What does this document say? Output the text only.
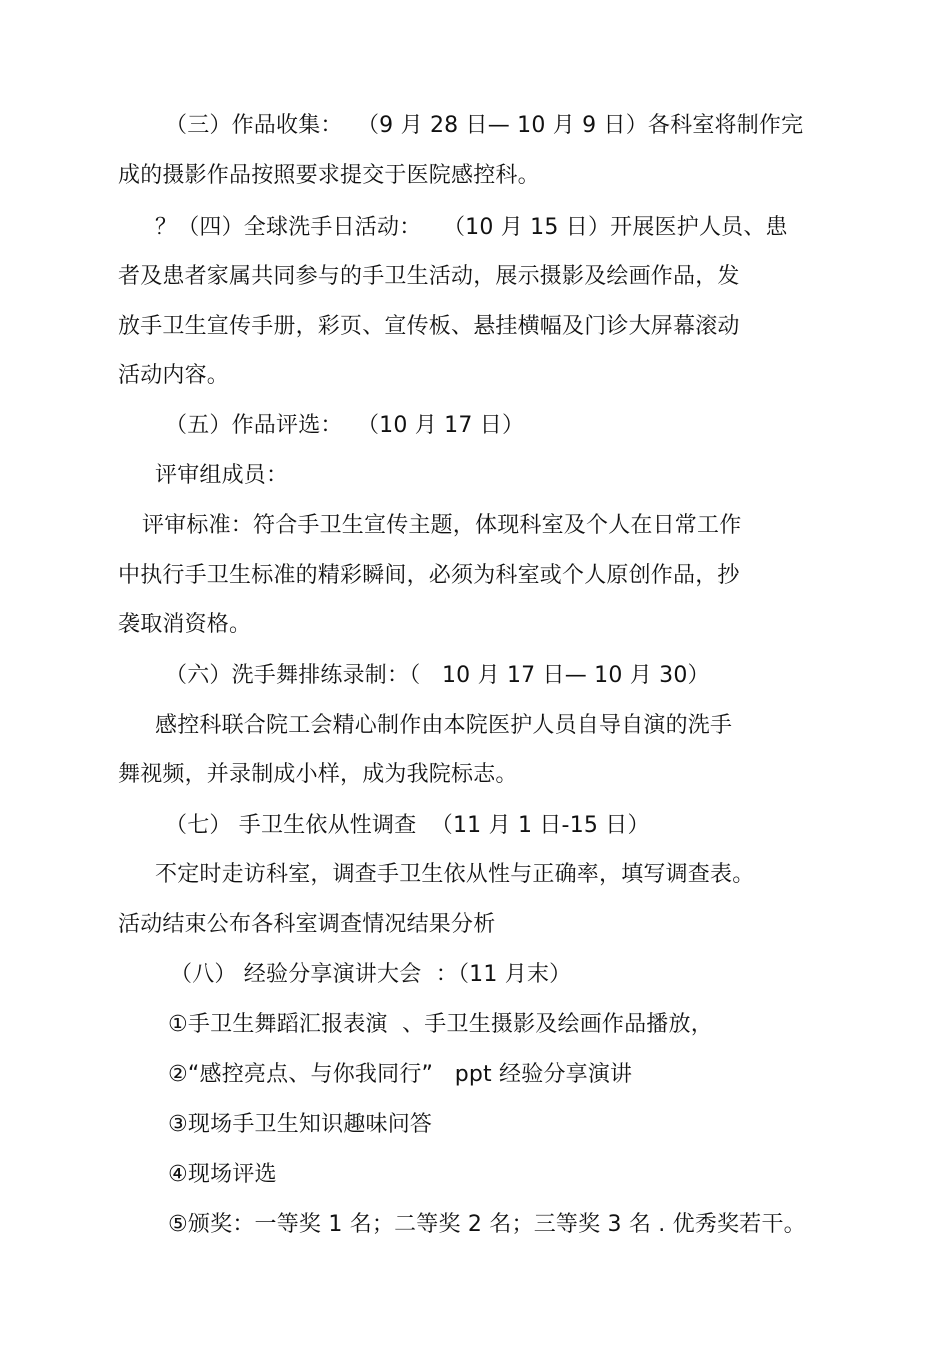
（三）作品收集：  （9 月 28 日— 10 月 9 日）各科室将制作完
成的摄影作品按照要求提交于医院感控科。
？（四）全球洗手日活动：   （10 月 15 日）开展医护人员、患
者及患者家属共同参与的手卫生活动，展示摄影及绘画作品，发
放手卫生宣传手册，彩页、宣传板、悬挂横幅及门诊大屏幕滚动
活动内容。
（五）作品评选：  （10 月 17 日）
评审组成员：
评审标准：符合手卫生宣传主题，体现科室及个人在日常工作
中执行手卫生标准的精彩瞬间，必须为科室或个人原创作品，抄
袭取消资格。
（六）洗手舞排练录制：（   10 月 17 日— 10 月 30）
感控科联合院工会精心制作由本院医护人员自导自演的洗手
舞视频，并录制成小样，成为我院标志。
（七） 手卫生依从性调查  （11 月 1 日-15 日）
不定时走访科室，调查手卫生依从性与正确率，填写调查表。
活动结束公布各科室调查情况结果分析
（八） 经验分享演讲大会  ：（11 月末）
①手卫生舞蹈汇报表演  、手卫生摄影及绘画作品播放，
②“感控亮点、与你我同行”   ppt 经验分享演讲
③现场手卫生知识趣味问答
④现场评选
⑤颁奖：一等奖 1 名；二等奖 2 名；三等奖 3 名 . 优秀奖若干。
